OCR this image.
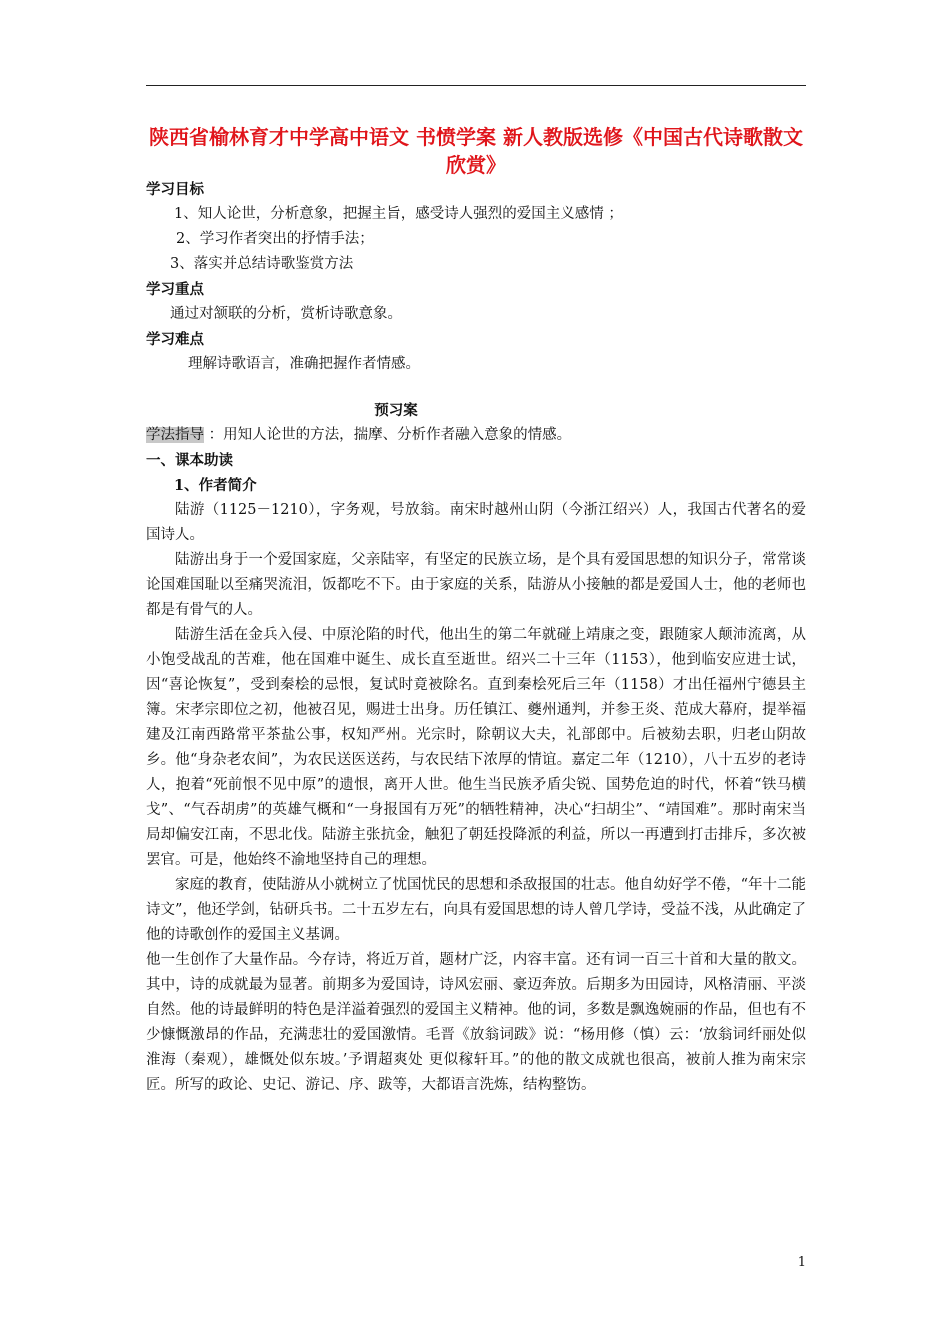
陕西省榆林育才中学高中语文 书愤学案 新人教版选修《中国古代诗歌散文欣赏》

学习目标

1、知人论世，分析意象，把握主旨，感受诗人强烈的爱国主义感情 ；

2、学习作者突出的抒情手法；

3、落实并总结诗歌鉴赏方法

学习重点

通过对颔联的分析，赏析诗歌意象。

学习难点

理解诗歌语言，准确把握作者情感。

预习案

学法指导 ：用知人论世的方法，揣摩、分析作者融入意象的情感。

一、课本助读

1、作者简介

陆游（1125－1210），字务观，号放翁。南宋时越州山阴（今浙江绍兴）人，我国古代著名的爱国诗人。

陆游出身于一个爱国家庭，父亲陆宰，有坚定的民族立场，是个具有爱国思想的知识分子，常常谈论国难国耻以至痛哭流泪，饭都吃不下。由于家庭的关系，陆游从小接触的都是爱国人士，他的老师也都是有骨气的人。

陆游生活在金兵入侵、中原沦陷的时代，他出生的第二年就碰上靖康之变，跟随家人颠沛流离，从小饱受战乱的苦难，他在国难中诞生、成长直至逝世。绍兴二十三年（1153），他到临安应进士试，因“喜论恢复”，受到秦桧的忌恨，复试时竟被除名。直到秦桧死后三年（1158）才出任福州宁德县主簿。宋孝宗即位之初，他被召见，赐进士出身。历任镇江、夔州通判，并参王炎、范成大幕府，提举福建及江南西路常平茶盐公事，权知严州。光宗时，除朝议大夫，礼部郎中。后被劾去职，归老山阴故乡。他“身杂老农间”，为农民送医送药，与农民结下浓厚的情谊。嘉定二年（1210），八十五岁的老诗人，抱着“死前恨不见中原”的遗恨，离开人世。他生当民族矛盾尖锐、国势危迫的时代，怀着“铁马横戈”、“气吞胡虏”的英雄气概和“一身报国有万死”的牺牲精神，决心“扫胡尘”、“靖国难”。那时南宋当局却偏安江南，不思北伐。陆游主张抗金，触犯了朝廷投降派的利益，所以一再遭到打击排斥，多次被罢官。可是，他始终不渝地坚持自己的理想。

家庭的教育，使陆游从小就树立了忧国忧民的思想和杀敌报国的壮志。他自幼好学不倦，“年十二能诗文”，他还学剑，钻研兵书。二十五岁左右，向具有爱国思想的诗人曾几学诗，受益不浅，从此确定了他的诗歌创作的爱国主义基调。

他一生创作了大量作品。今存诗，将近万首，题材广泛，内容丰富。还有词一百三十首和大量的散文。其中，诗的成就最为显著。前期多为爱国诗，诗风宏丽、豪迈奔放。后期多为田园诗，风格清丽、平淡自然。他的诗最鲜明的特色是洋溢着强烈的爱国主义精神。他的词，多数是飘逸婉丽的作品，但也有不少慷慨激昂的作品，充满悲壮的爱国激情。毛晋《放翁词跋》说：“杨用修（慎）云：‘放翁词纤丽处似淮海（秦观），雄慨处似东坡。’予谓超爽处 更似稼轩耳。”的他的散文成就也很高，被前人推为南宋宗匠。所写的政论、史记、游记、序、跋等，大都语言洗炼，结构整饬。

1
